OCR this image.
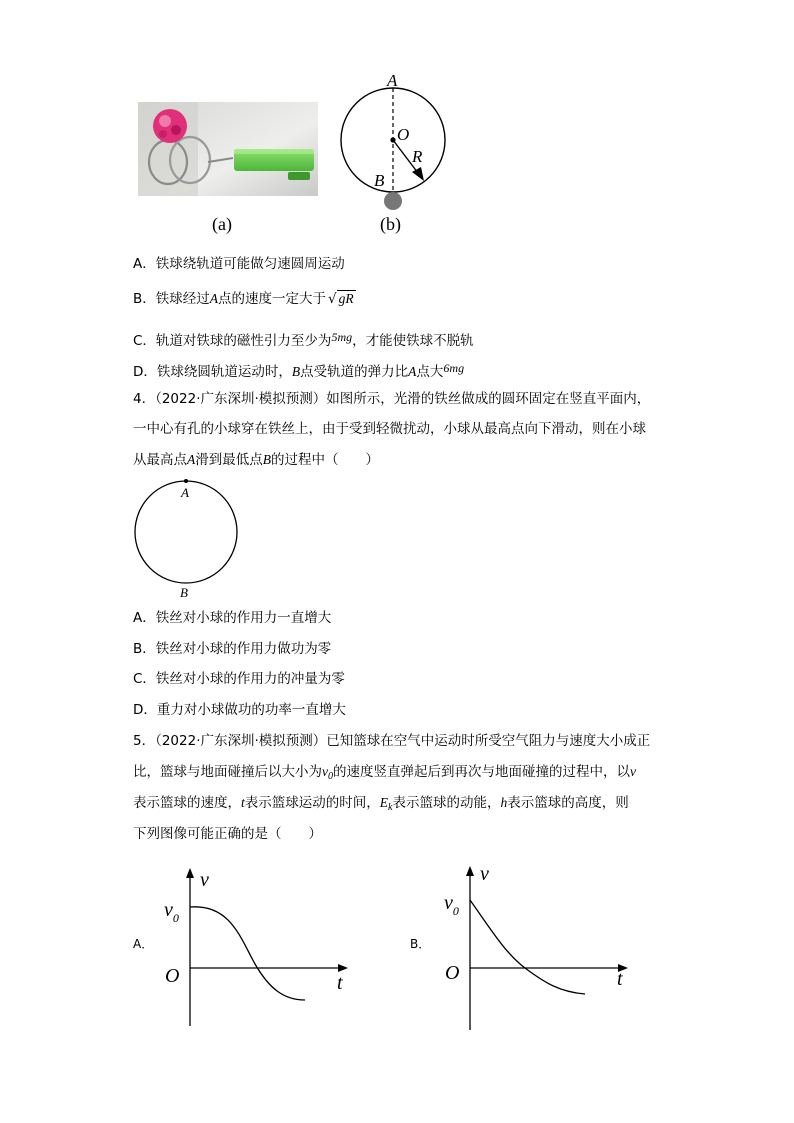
(a)
A
O
R
B
(b)
A．铁球绕轨道可能做匀速圆周运动
B．铁球经过A点的速度一定大于 √ gR
C．轨道对铁球的磁性引力至少为5mg，才能使铁球不脱轨
D．铁球绕圆轨道运动时，B点受轨道的弹力比A点大6mg
4．（2022·广东深圳·模拟预测）如图所示，光滑的铁丝做成的圆环固定在竖直平面内，
一中心有孔的小球穿在铁丝上，由于受到轻微扰动，小球从最高点向下滑动，则在小球
从最高点A滑到最低点B的过程中（　　）
A
B
A．铁丝对小球的作用力一直增大
B．铁丝对小球的作用力做功为零
C．铁丝对小球的作用力的冲量为零
D．重力对小球做功的功率一直增大
5．（2022·广东深圳·模拟预测）已知篮球在空气中运动时所受空气阻力与速度大小成正
比，篮球与地面碰撞后以大小为$v_0$的速度竖直弹起后到再次与地面碰撞的过程中，以v
表示篮球的速度，t表示篮球运动的时间，$E_k$表示篮球的动能，h表示篮球的高度，则
下列图像可能正确的是（　　）
A．
v
t
O
$v_0$
B．
v
t
O
$v_0$
